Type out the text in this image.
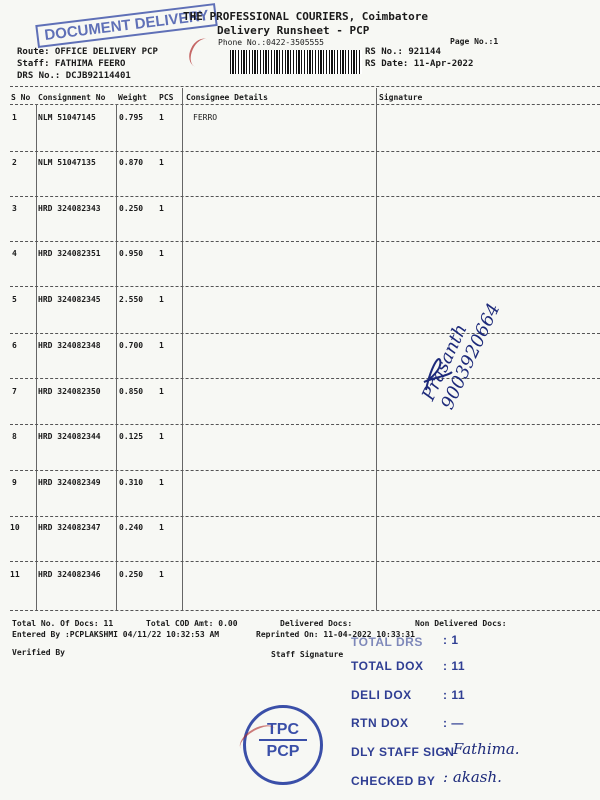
DOCUMENT DELIVERY
THE PROFESSIONAL COURIERS, Coimbatore
Delivery Runsheet - PCP
Phone No.:0422-3505555	Page No.:1
Route: OFFICE DELIVERY PCP
Staff: FATHIMA FEERO
DRS No.: DCJB92114401
RS No.: 921144
RS Date: 11-Apr-2022
S No Consignment No Weight PCS Consignee Details	Signature
1	NLM 51047145	0.795 1	FERRO
2	NLM 51047135	0.870 1
3	HRD 324082343 0.250 1
4	HRD 324082351 0.950 1
5	HRD 324082345 2.550 1
6	HRD 324082348 0.700 1
7	HRD 324082350 0.850 1
8	HRD 324082344 0.125 1
9	HRD 324082349 0.310 1
10 HRD 324082347 0.240 1
11 HRD 324082346 0.250 1
Prasanth 9003920664
Total No. Of Docs: 11	Total COD Amt: 0.00	Delivered Docs:	Non Delivered Docs:
Entered By :PCPLAKSHMI 04/11/22 10:32:53 AM	Reprinted On: 11-04-2022 10:33:31
Verified By	Staff Signature
TOTAL DRS : 1
TOTAL DOX : 11
DELI DOX	: 11
RTN DOX	: —
DLY STAFF SIGN
: Fathima.
CHECKED BY : akash.
TPC
PCP
